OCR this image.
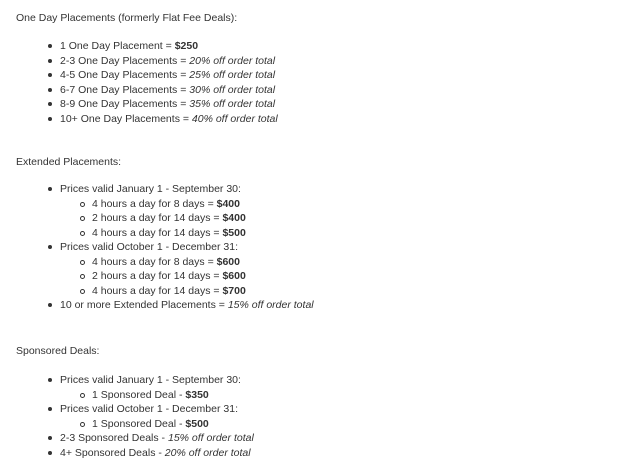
One Day Placements (formerly Flat Fee Deals):

1 One Day Placement = $250
2-3 One Day Placements = 20% off order total
4-5 One Day Placements = 25% off order total
6-7 One Day Placements = 30% off order total
8-9 One Day Placements = 35% off order total
10+ One Day Placements = 40% off order total

Extended Placements:

Prices valid January 1 - September 30:
4 hours a day for 8 days = $400
2 hours a day for 14 days = $400
4 hours a day for 14 days = $500
Prices valid October 1 - December 31:
4 hours a day for 8 days = $600
2 hours a day for 14 days = $600
4 hours a day for 14 days = $700
10 or more Extended Placements = 15% off order total

Sponsored Deals:

Prices valid January 1 - September 30:
1 Sponsored Deal - $350
Prices valid October 1 - December 31:
1 Sponsored Deal - $500
2-3 Sponsored Deals - 15% off order total
4+ Sponsored Deals - 20% off order total
